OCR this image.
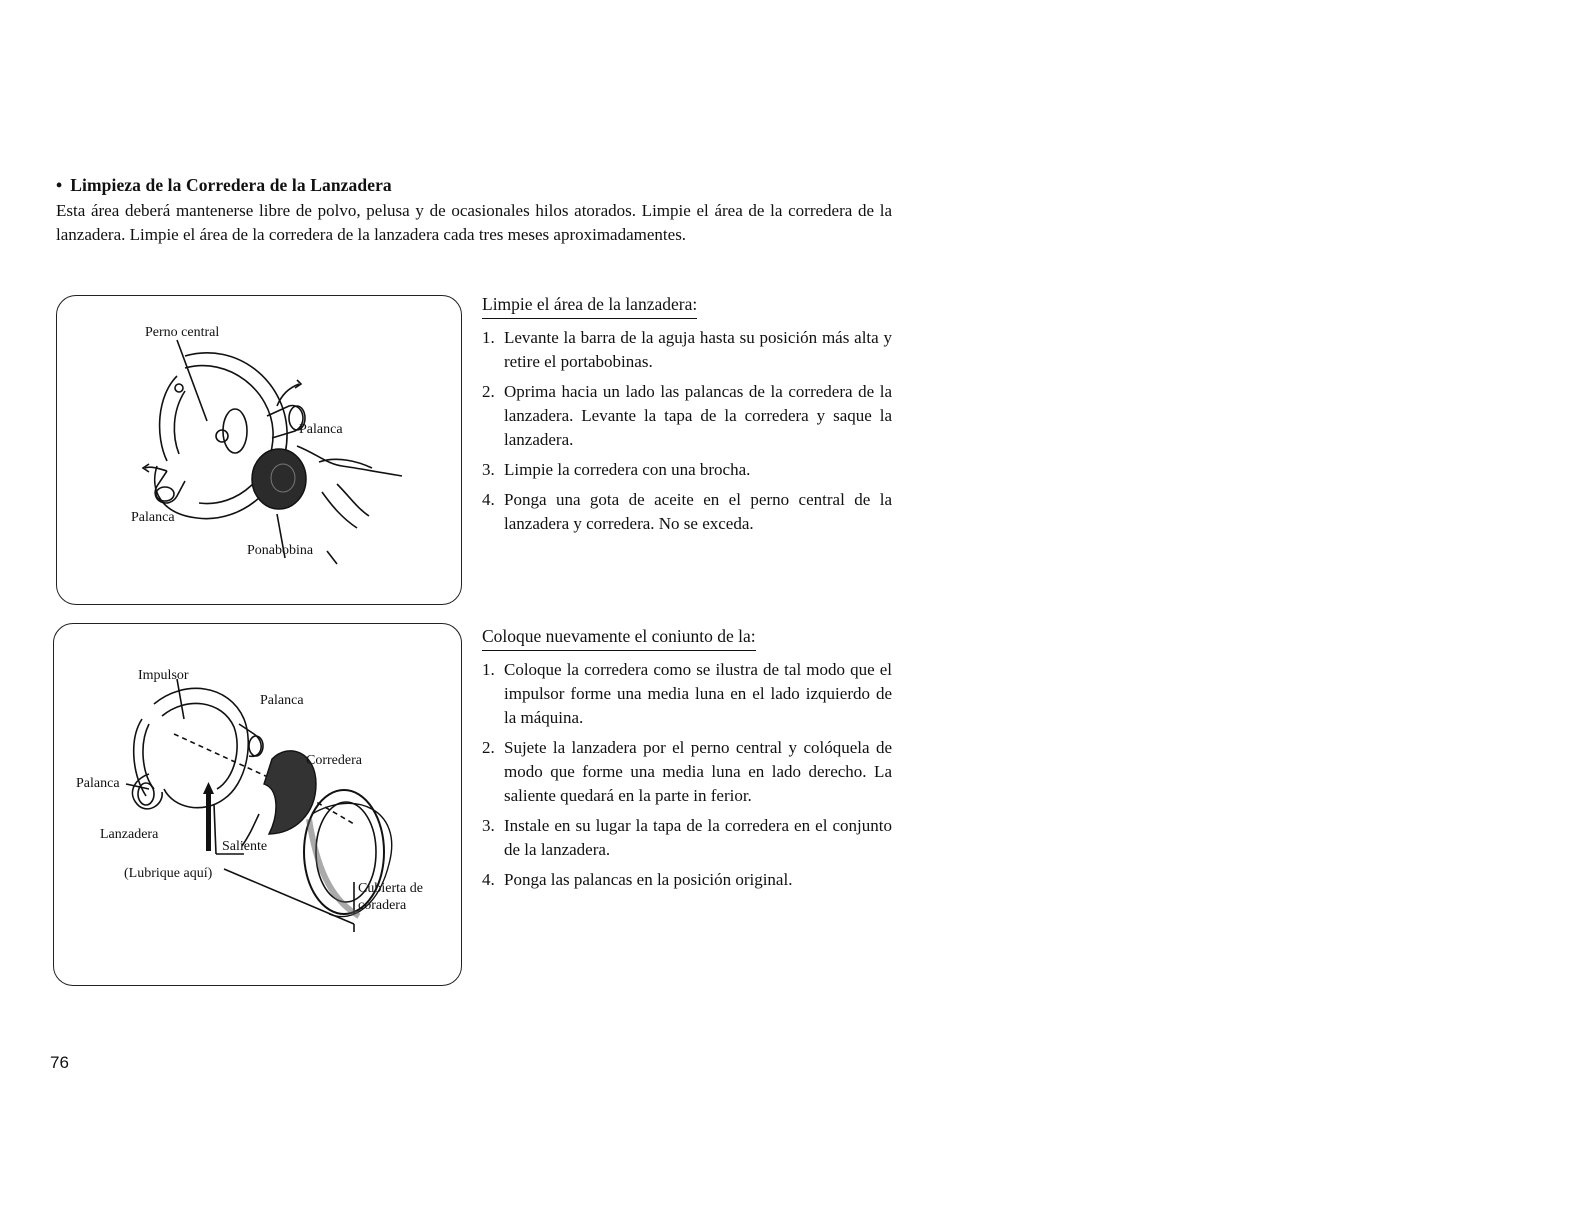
• Limpieza de la Corredera de la Lanzadera
Esta área deberá mantenerse libre de polvo, pelusa y de ocasionales hilos atorados. Limpie el área de la corredera de la lanzadera. Limpie el área de la corredera de la lanzadera cada tres meses aproximadamentes.
Perno central
Palanca
Palanca
Ponabobina
Limpie el área de la lanzadera:
1. Levante la barra de la aguja hasta su posición más alta y retire el portabobinas.
2. Oprima hacia un lado las palancas de la corredera de la lanzadera. Levante la tapa de la corredera y saque la lanzadera.
3. Limpie la corredera con una brocha.
4. Ponga una gota de aceite en el perno central de la lanzadera y corredera. No se exceda.
Impulsor
Palanca
Corredera
Palanca
Lanzadera
Saliente
(Lubrique aquí)
Cubierta de
coradera
Coloque nuevamente el coniunto de la:
1. Coloque la corredera como se ilustra de tal modo que el impulsor forme una media luna en el lado izquierdo de la máquina.
2. Sujete la lanzadera por el perno central y colóquela de modo que forme una media luna en lado derecho. La saliente quedará en la parte in ferior.
3. Instale en su lugar la tapa de la corredera en el conjunto de la lanzadera.
4. Ponga las palancas en la posición original.
76
